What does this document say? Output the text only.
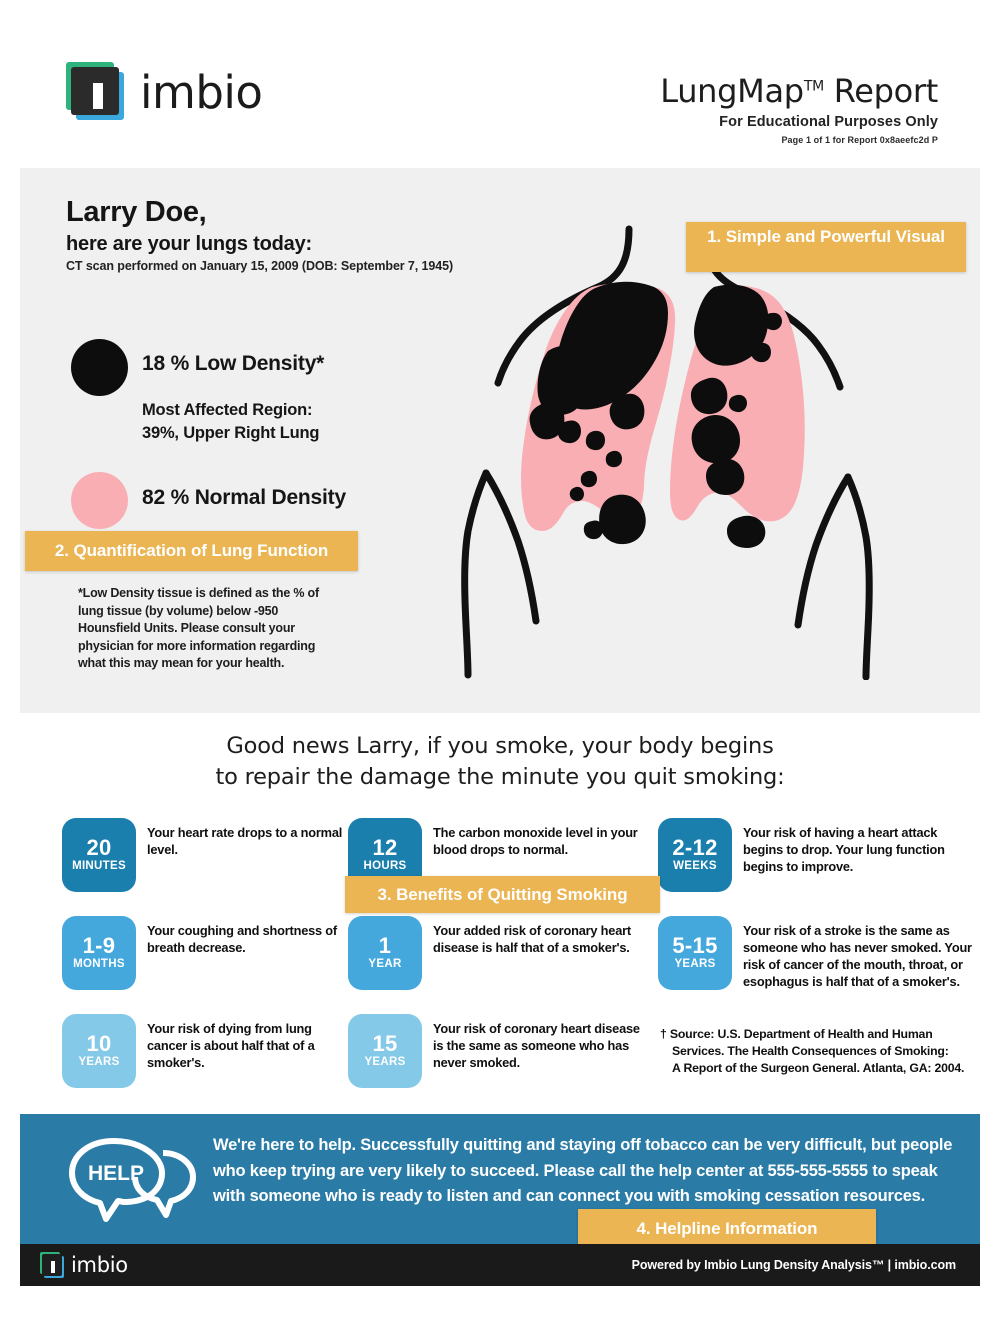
imbio	LungMap™ Report
For Educational Purposes Only
Page 1 of 1 for Report 0x8aeefc2d P
Larry Doe,
here are your lungs today:
CT scan performed on January 15, 2009 (DOB: September 7, 1945)
18 % Low Density*
Most Affected Region:
39%, Upper Right Lung
82 % Normal Density
*Low Density tissue is defined as the % of lung tissue (by volume) below -950 Hounsfield Units. Please consult your physician for more information regarding what this may mean for your health.
1. Simple and Powerful Visual
2. Quantification of Lung Function
Good news Larry, if you smoke, your body begins
to repair the damage the minute you quit smoking:
20
MINUTES
Your heart rate drops to a normal level.
1-9
MONTHS
Your coughing and shortness of breath decrease.
10
YEARS
Your risk of dying from lung cancer is about half that of a smoker's.
12
HOURS
The carbon monoxide level in your blood drops to normal.
1
YEAR
Your added risk of coronary heart disease is half that of a smoker's.
15
YEARS
Your risk of coronary heart disease is the same as someone who has never smoked.
2-12
WEEKS
Your risk of having a heart attack begins to drop. Your lung function begins to improve.
5-15
YEARS
Your risk of a stroke is the same as someone who has never smoked. Your risk of cancer of the mouth, throat, or esophagus is half that of a smoker's.
3. Benefits of Quitting Smoking
† Source: U.S. Department of Health and Human
Services. The Health Consequences of Smoking:
A Report of the Surgeon General. Atlanta, GA: 2004.
HELP
We're here to help. Successfully quitting and staying off tobacco can be very difficult, but people who keep trying are very likely to succeed. Please call the help center at 555-555-5555 to speak with someone who is ready to listen and can connect you with smoking cessation resources.
4. Helpline Information
imbio	Powered by Imbio Lung Density Analysis™ | imbio.com
